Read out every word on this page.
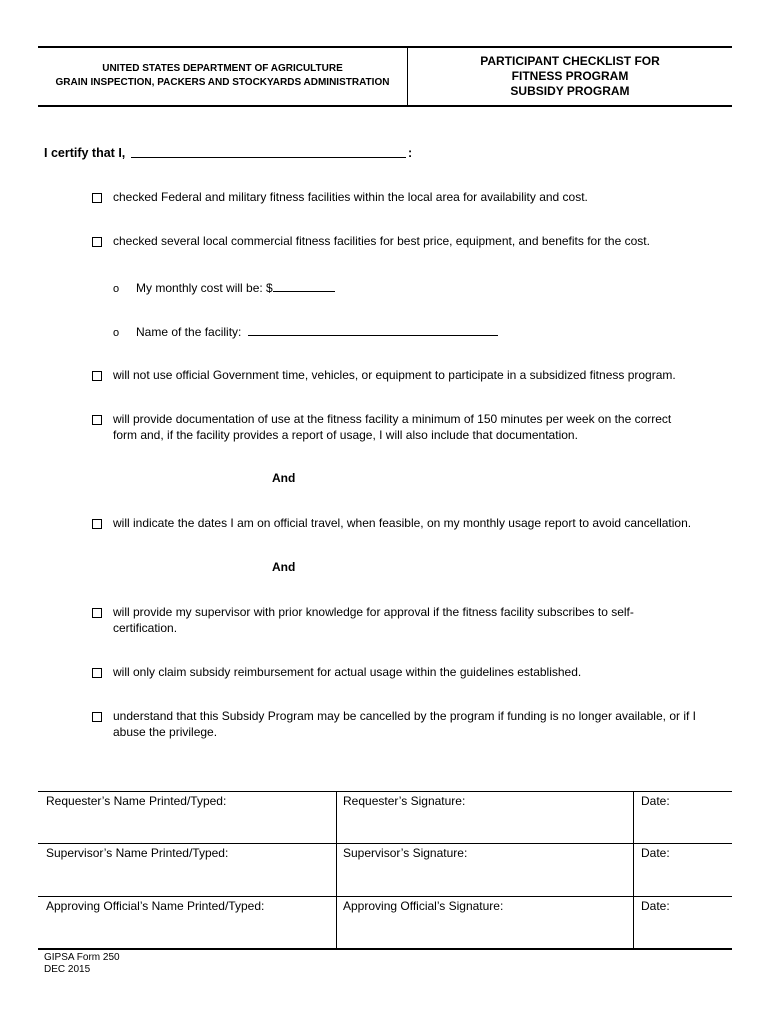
UNITED STATES DEPARTMENT OF AGRICULTURE
GRAIN INSPECTION, PACKERS AND STOCKYARDS ADMINISTRATION
PARTICIPANT CHECKLIST FOR
FITNESS PROGRAM
SUBSIDY PROGRAM
I certify that I,	:
checked Federal and military fitness facilities within the local area for availability and cost.
checked several local commercial fitness facilities for best price, equipment, and benefits for the cost.
o My monthly cost will be: $
o Name of the facility:
will not use official Government time, vehicles, or equipment to participate in a subsidized fitness program.
will provide documentation of use at the fitness facility a minimum of 150 minutes per week on the correct
form and, if the facility provides a report of usage, I will also include that documentation.
And
will indicate the dates I am on official travel, when feasible, on my monthly usage report to avoid cancellation.
And
will provide my supervisor with prior knowledge for approval if the fitness facility subscribes to self-
certification.
will only claim subsidy reimbursement for actual usage within the guidelines established.
understand that this Subsidy Program may be cancelled by the program if funding is no longer available, or if I
abuse the privilege.
Requester’s Name Printed/Typed:	Requester’s Signature:	Date:
Supervisor’s Name Printed/Typed:	Supervisor’s Signature:	Date:
Approving Official’s Name Printed/Typed:	Approving Official’s Signature:	Date:
GIPSA Form 250
DEC 2015
